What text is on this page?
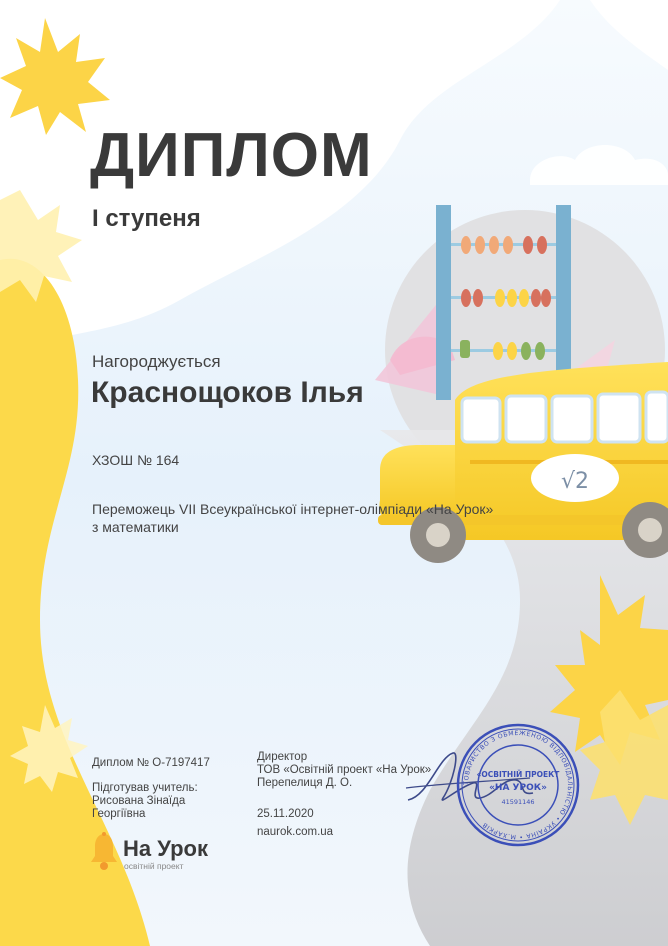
√2
ДИПЛОМ
І ступеня
Нагороджується
Краснощоков Ілья
ХЗОШ № 164
Переможець VII Всеукраїнської інтернет-олімпіади «На Урок»
з математики
Диплом № O-7197417
Підготував учитель:
Рисована Зінаїда
Георгіївна
Директор
ТОВ «Освітній проект «На Урок»
Перепелиця Д. О.
25.11.2020
naurok.com.ua
На Урок
освітній проект
ТОВАРИСТВО З ОБМЕЖЕНОЮ ВІДПОВІДАЛЬНІСТЮ • УКРАЇНА • М.ХАРКІВ
«ОСВІТНІЙ ПРОЕКТ
«НА УРОК»
41591146
